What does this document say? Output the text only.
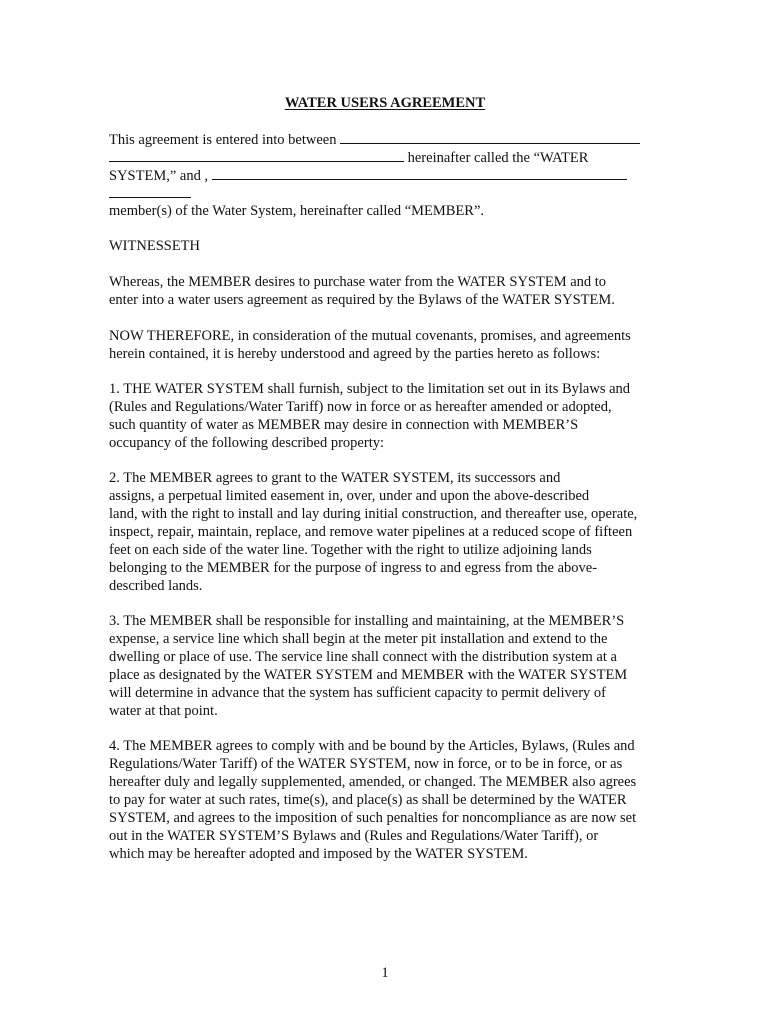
WATER USERS AGREEMENT
This agreement is entered into between
hereinafter called the “WATER
SYSTEM,” and ,
member(s) of the Water System, hereinafter called “MEMBER”.
WITNESSETH
Whereas, the MEMBER desires to purchase water from the WATER SYSTEM and to
enter into a water users agreement as required by the Bylaws of the WATER SYSTEM.
NOW THEREFORE, in consideration of the mutual covenants, promises, and agreements
herein contained, it is hereby understood and agreed by the parties hereto as follows:
1. THE WATER SYSTEM shall furnish, subject to the limitation set out in its Bylaws and
(Rules and Regulations/Water Tariff) now in force or as hereafter amended or adopted,
such quantity of water as MEMBER may desire in connection with MEMBER’S
occupancy of the following described property:
2. The MEMBER agrees to grant to the WATER SYSTEM, its successors and
assigns, a perpetual limited easement in, over, under and upon the above-described
land, with the right to install and lay during initial construction, and thereafter use, operate,
inspect, repair, maintain, replace, and remove water pipelines at a reduced scope of fifteen
feet on each side of the water line. Together with the right to utilize adjoining lands
belonging to the MEMBER for the purpose of ingress to and egress from the above-
described lands.
3. The MEMBER shall be responsible for installing and maintaining, at the MEMBER’S
expense, a service line which shall begin at the meter pit installation and extend to the
dwelling or place of use. The service line shall connect with the distribution system at a
place as designated by the WATER SYSTEM and MEMBER with the WATER SYSTEM
will determine in advance that the system has sufficient capacity to permit delivery of
water at that point.
4. The MEMBER agrees to comply with and be bound by the Articles, Bylaws, (Rules and
Regulations/Water Tariff) of the WATER SYSTEM, now in force, or to be in force, or as
hereafter duly and legally supplemented, amended, or changed. The MEMBER also agrees
to pay for water at such rates, time(s), and place(s) as shall be determined by the WATER
SYSTEM, and agrees to the imposition of such penalties for noncompliance as are now set
out in the WATER SYSTEM’S Bylaws and (Rules and Regulations/Water Tariff), or
which may be hereafter adopted and imposed by the WATER SYSTEM.
1
